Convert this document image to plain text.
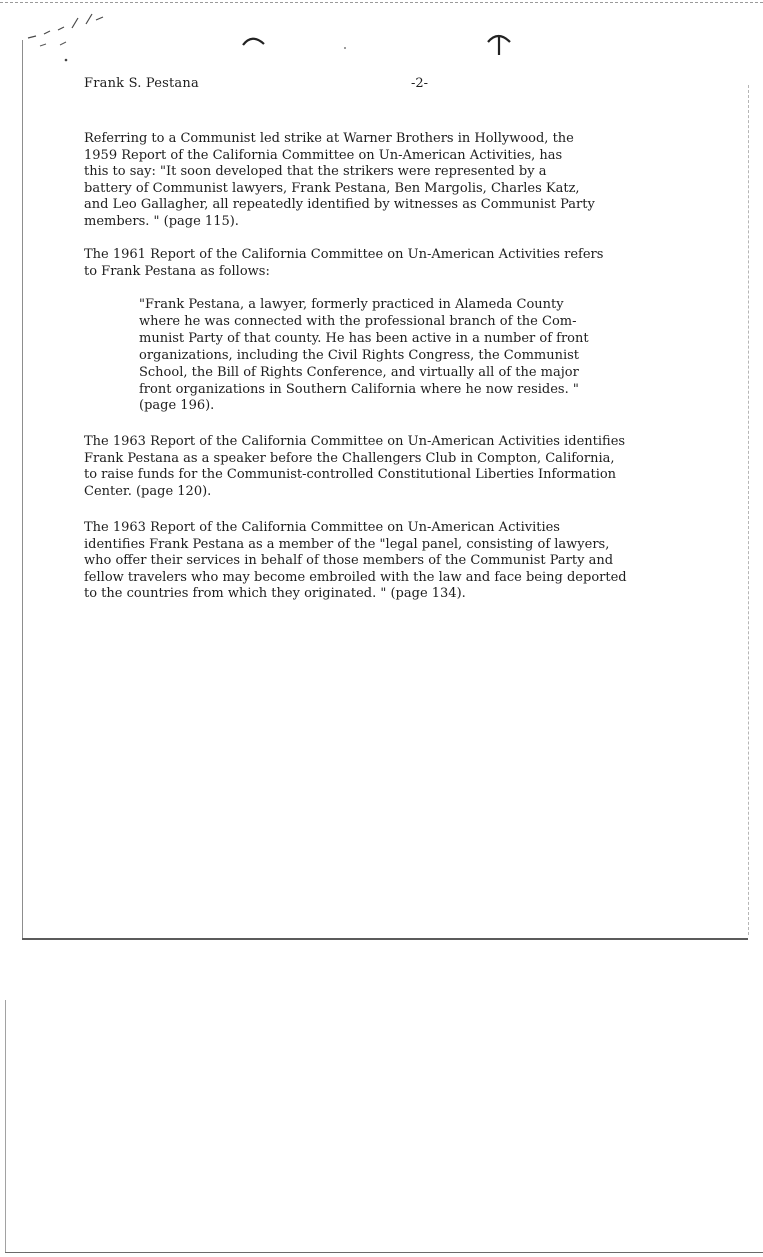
Frank S. Pestana	-2-

Referring to a Communist led strike at Warner Brothers in Hollywood, the
1959 Report of the California Committee on Un-American Activities, has
this to say: "It soon developed that the strikers were represented by a
battery of Communist lawyers, Frank Pestana, Ben Margolis, Charles Katz,
and Leo Gallagher, all repeatedly identified by witnesses as Communist Party
members. " (page 115).

The 1961 Report of the California Committee on Un-American Activities refers
to Frank Pestana as follows:

"Frank Pestana, a lawyer, formerly practiced in Alameda County
where he was connected with the professional branch of the Com-
munist Party of that county. He has been active in a number of front
organizations, including the Civil Rights Congress, the Communist
School, the Bill of Rights Conference, and virtually all of the major
front organizations in Southern California where he now resides. "
(page 196).

The 1963 Report of the California Committee on Un-American Activities identifies
Frank Pestana as a speaker before the Challengers Club in Compton, California,
to raise funds for the Communist-controlled Constitutional Liberties Information
Center. (page 120).

The 1963 Report of the California Committee on Un-American Activities
identifies Frank Pestana as a member of the "legal panel, consisting of lawyers,
who offer their services in behalf of those members of the Communist Party and
fellow travelers who may become embroiled with the law and face being deported
to the countries from which they originated. " (page 134).
